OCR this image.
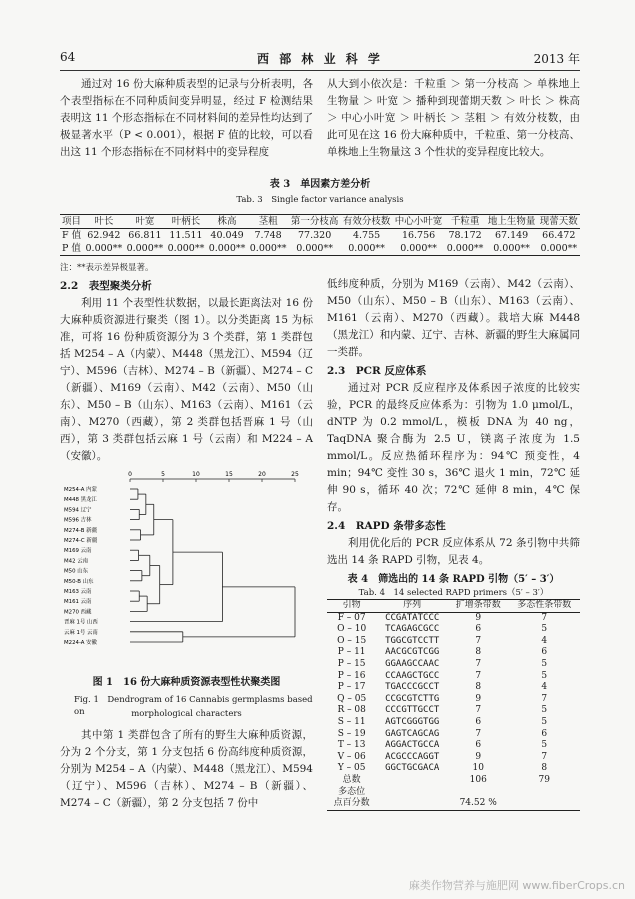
64	西 部 林 业 科 学	2013 年

通过对 16 份大麻种质表型的记录与分析表明，各个表型指标在不同种质间变异明显，经过 F 检测结果表明这 11 个形态指标在不同材料间的差异性均达到了极显著水平（P < 0.001），根据 F 值的比较，可以看出这 11 个形态指标在不同材料中的变异程度

从大到小依次是：千粒重 ＞ 第一分枝高 ＞ 单株地上生物量 ＞ 叶宽 ＞ 播种到现蕾期天数 ＞ 叶长 ＞ 株高 ＞ 中心小叶宽 ＞ 叶柄长 ＞ 茎粗 ＞ 有效分枝数，由此可见在这 16 份大麻种质中，千粒重、第一分枝高、单株地上生物量这 3 个性状的变异程度比较大。

表 3　单因素方差分析
Tab. 3　Single factor variance analysis
项目	叶长	叶宽	叶柄长	株高	茎粗	第一分枝高	有效分枝数	中心小叶宽	千粒重	地上生物量	现蕾天数
F 值	62.942	66.811	11.511	40.049	7.748	77.320	4.755	16.756	78.172	67.149	66.472
P 值	0.000**	0.000**	0.000**	0.000**	0.000**	0.000**	0.000**	0.000**	0.000**	0.000**	0.000**
注：**表示差异极显著。
2.2　表型聚类分析

利用 11 个表型性状数据，以最长距离法对 16 份大麻种质资源进行聚类（图 1）。以分类距离 15 为标准，可将 16 份种质资源分为 3 个类群，第 1 类群包括 M254 – A（内蒙）、M448（黑龙江）、M594（辽宁）、M596（吉林）、M274 – B（新疆）、M274 – C（新疆）、M169（云南）、M42（云南）、M50（山东）、M50 – B（山东）、M163（云南）、M161（云南）、M270（西藏），第 2 类群包括晋麻 1 号（山西），第 3 类群包括云麻 1 号（云南）和 M224 – A（安徽）。

0	5	10	15	20	25
M254-A 内蒙
M448 黑龙江
M594 辽宁
M596 吉林
M274-B 新疆
M274-C 新疆
M169 云南
M42 云南
M50 山东
M50-B 山东
M163 云南
M161 云南
M270 西藏
晋麻 1号 山西
云麻 1号 云南
M224-A 安徽
图 1　16 份大麻种质资源表型性状聚类图
Fig. 1　Dendrogram of 16 Cannabis germplasms based on	morphological characters

其中第 1 类群包含了所有的野生大麻种质资源，分为 2 个分支，第 1 分支包括 6 份高纬度种质资源，分别为 M254 – A（内蒙）、M448（黑龙江）、M594（辽宁）、M596（吉林）、M274 – B（新疆）、M274 – C（新疆），第 2 分支包括 7 份中

低纬度种质，分别为 M169（云南）、M42（云南）、M50（山东）、M50 – B（山东）、M163（云南）、M161（云南）、M270（西藏）。栽培大麻 M448（黑龙江）和内蒙、辽宁、吉林、新疆的野生大麻属同一类群。

2.3　PCR 反应体系

通过对 PCR 反应程序及体系因子浓度的比较实验，PCR 的最终反应体系为：引物为 1.0 μmol/L，dNTP 为 0.2 mmol/L，模板 DNA 为 40 ng，TaqDNA 聚合酶为 2.5 U，镁离子浓度为 1.5 mmol/L。反应热循环程序为：94℃ 预变性，4 min；94℃ 变性 30 s，36℃ 退火 1 min，72℃ 延伸 90 s，循环 40 次；72℃ 延伸 8 min，4℃ 保存。

2.4　RAPD 条带多态性

利用优化后的 PCR 反应体系从 72 条引物中共筛选出 14 条 RAPD 引物，见表 4。

表 4　筛选出的 14 条 RAPD 引物（5′ – 3′）
Tab. 4　14 selected RAPD primers（5′ – 3′）
引物	序列	扩增条带数	多态性条带数
F – 07	CCGATATCCC	9	7
O – 10	TCAGAGCGCC	6	5
O – 15	TGGCGTCCTT	7	4
P – 11	AACGCGTCGG	8	6
P – 15	GGAAGCCAAC	7	5
P – 16	CCAAGCTGCC	7	5
P – 17	TGACCCGCCT	8	4
Q – 05	CCGCGTCTTG	9	7
R – 08	CCCGTTGCCT	7	5
S – 11	AGTCGGGTGG	6	5
S – 19	GAGTCAGCAG	7	6
T – 13	AGGACTGCCA	6	5
V – 06	ACGCCCAGGT	9	7
Y – 05	GGCTGCGACA	10	8
总数		106	79
多态位			
点百分数	74.52 %		
麻类作物营养与施肥网 www.fiberCrops.cn
